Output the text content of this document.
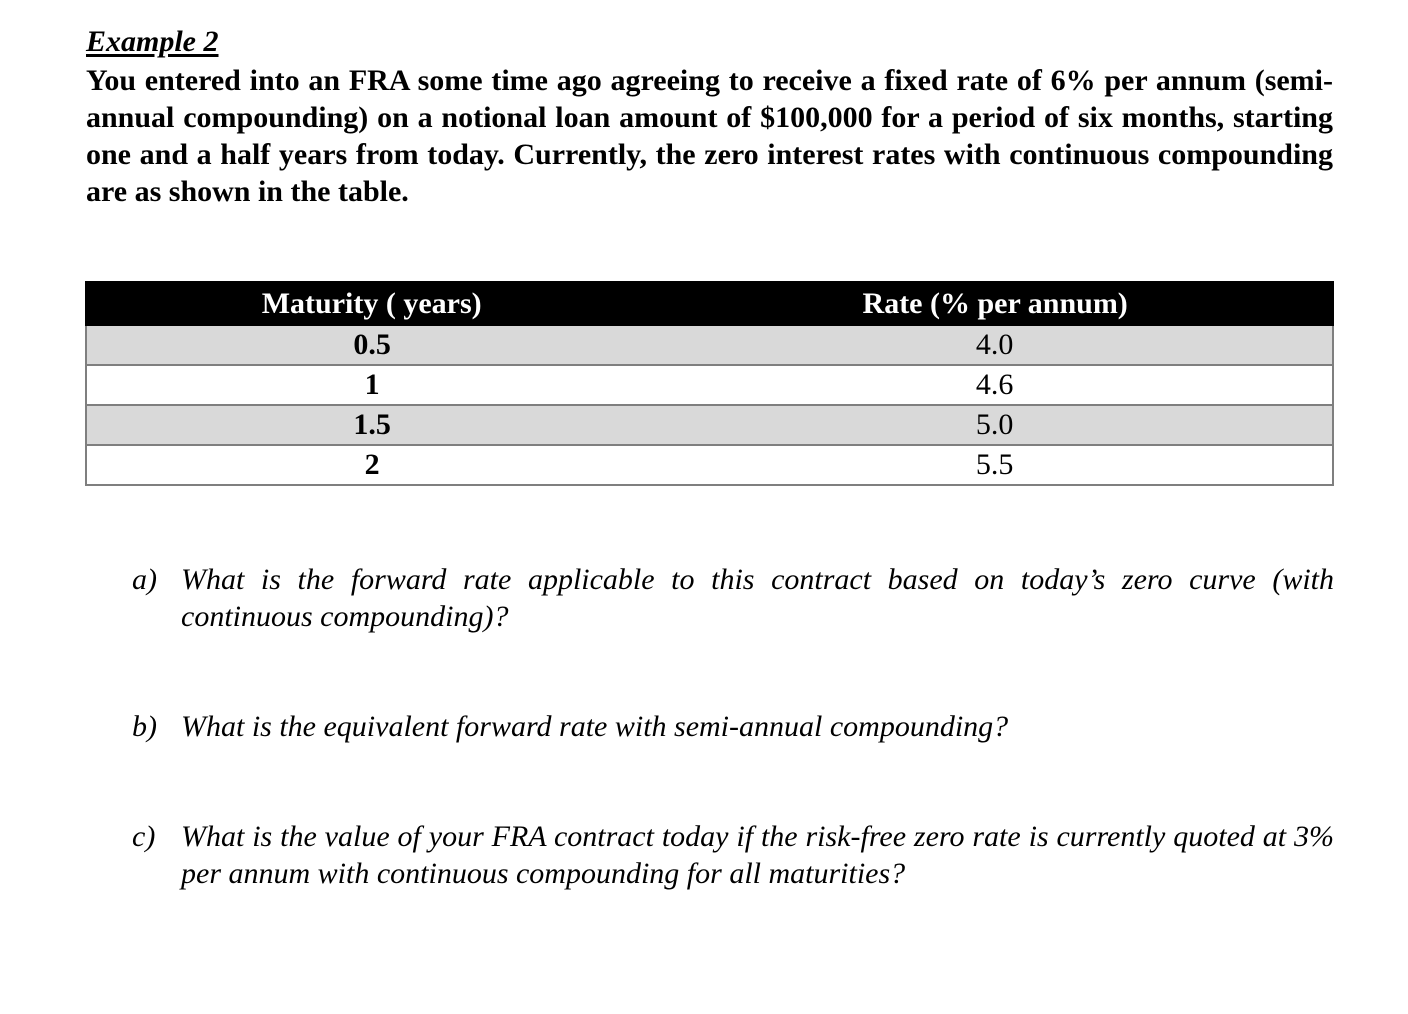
Example 2
You entered into an FRA some time ago agreeing to receive a fixed rate of 6% per annum (semi-annual compounding) on a notional loan amount of $100,000 for a period of six months, starting one and a half years from today. Currently, the zero interest rates with continuous compounding are as shown in the table.
Maturity ( years)	Rate (% per annum)
0.5	4.0
1	4.6
1.5	5.0
2	5.5
a) What is the forward rate applicable to this contract based on today’s zero curve (with continuous compounding)?
b) What is the equivalent forward rate with semi-annual compounding?
c) What is the value of your FRA contract today if the risk-free zero rate is currently quoted at 3% per annum with continuous compounding for all maturities?
